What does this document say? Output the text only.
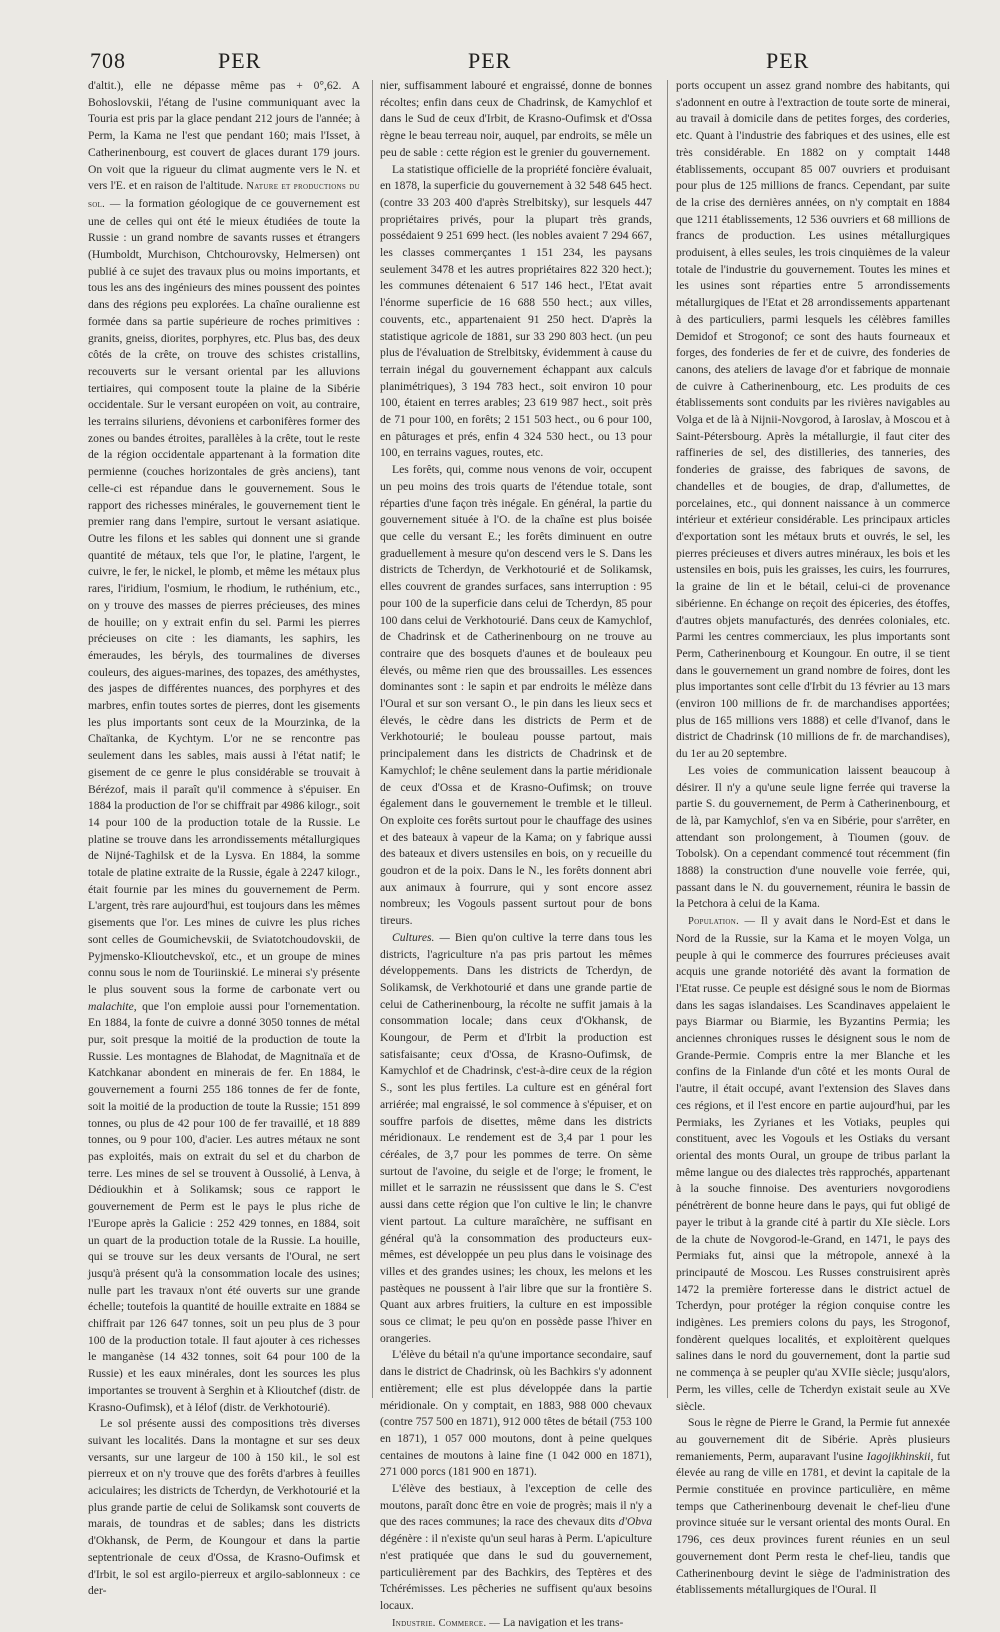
708	PER	PER	PER

d'altit.), elle ne dépasse même pas + 0°,62. A Bohoslovskii, l'étang de l'usine communiquant avec la Touria est pris par la glace pendant 212 jours de l'année; à Perm, la Kama ne l'est que pendant 160; mais l'Isset, à Catherinenbourg, est couvert de glaces durant 179 jours. On voit que la rigueur du climat augmente vers le N. et vers l'E. et en raison de l'altitude. Nature et productions du sol. — la formation géologique de ce gouvernement est une de celles qui ont été le mieux étudiées de toute la Russie : un grand nombre de savants russes et étrangers (Humboldt, Murchison, Chtchourovsky, Helmersen) ont publié à ce sujet des travaux plus ou moins importants, et tous les ans des ingénieurs des mines poussent des pointes dans des régions peu explorées. La chaîne ouralienne est formée dans sa partie supérieure de roches primitives : granits, gneiss, diorites, porphyres, etc. Plus bas, des deux côtés de la crête, on trouve des schistes cristallins, recouverts sur le versant oriental par les alluvions tertiaires, qui composent toute la plaine de la Sibérie occidentale. Sur le versant européen on voit, au contraire, les terrains siluriens, dévoniens et carbonifères former des zones ou bandes étroites, parallèles à la crête, tout le reste de la région occidentale appartenant à la formation dite permienne (couches horizontales de grès anciens), tant celle-ci est répandue dans le gouvernement. Sous le rapport des richesses minérales, le gouvernement tient le premier rang dans l'empire, surtout le versant asiatique. Outre les filons et les sables qui donnent une si grande quantité de métaux, tels que l'or, le platine, l'argent, le cuivre, le fer, le nickel, le plomb, et même les métaux plus rares, l'iridium, l'osmium, le rhodium, le ruthénium, etc., on y trouve des masses de pierres précieuses, des mines de houille; on y extrait enfin du sel. Parmi les pierres précieuses on cite : les diamants, les saphirs, les émeraudes, les béryls, des tourmalines de diverses couleurs, des aigues-marines, des topazes, des améthystes, des jaspes de différentes nuances, des porphyres et des marbres, enfin toutes sortes de pierres, dont les gisements les plus importants sont ceux de la Mourzinka, de la Chaïtanka, de Kychtym. L'or ne se rencontre pas seulement dans les sables, mais aussi à l'état natif; le gisement de ce genre le plus considérable se trouvait à Bérézof, mais il paraît qu'il commence à s'épuiser. En 1884 la production de l'or se chiffrait par 4986 kilogr., soit 14 pour 100 de la production totale de la Russie. Le platine se trouve dans les arrondissements métallurgiques de Nijné-Taghilsk et de la Lysva. En 1884, la somme totale de platine extraite de la Russie, égale à 2247 kilogr., était fournie par les mines du gouvernement de Perm. L'argent, très rare aujourd'hui, est toujours dans les mêmes gisements que l'or. Les mines de cuivre les plus riches sont celles de Goumichevskii, de Sviatotchoudovskii, de Pyjmensko-Klioutchevskoï, etc., et un groupe de mines connu sous le nom de Touriinskié. Le minerai s'y présente le plus souvent sous la forme de carbonate vert ou malachite, que l'on emploie aussi pour l'ornementation. En 1884, la fonte de cuivre a donné 3050 tonnes de métal pur, soit presque la moitié de la production de toute la Russie. Les montagnes de Blahodat, de Magnitnaïa et de Katchkanar abondent en minerais de fer. En 1884, le gouvernement a fourni 255 186 tonnes de fer de fonte, soit la moitié de la production de toute la Russie; 151 899 tonnes, ou plus de 42 pour 100 de fer travaillé, et 18 889 tonnes, ou 9 pour 100, d'acier. Les autres métaux ne sont pas exploités, mais on extrait du sel et du charbon de terre. Les mines de sel se trouvent à Oussolié, à Lenva, à Dédioukhin et à Solikamsk; sous ce rapport le gouvernement de Perm est le pays le plus riche de l'Europe après la Galicie : 252 429 tonnes, en 1884, soit un quart de la production totale de la Russie. La houille, qui se trouve sur les deux versants de l'Oural, ne sert jusqu'à présent qu'à la consommation locale des usines; nulle part les travaux n'ont été ouverts sur une grande échelle; toutefois la quantité de houille extraite en 1884 se chiffrait par 126 647 tonnes, soit un peu plus de 3 pour 100 de la production totale. Il faut ajouter à ces richesses le manganèse (14 432 tonnes, soit 64 pour 100 de la Russie) et les eaux minérales, dont les sources les plus importantes se trouvent à Serghin et à Klioutchef (distr. de Krasno-Oufimsk), et à Iélof (distr. de Verkhotourié).

Le sol présente aussi des compositions très diverses suivant les localités. Dans la montagne et sur ses deux versants, sur une largeur de 100 à 150 kil., le sol est pierreux et on n'y trouve que des forêts d'arbres à feuilles aciculaires; les districts de Tcherdyn, de Verkhotourié et la plus grande partie de celui de Solikamsk sont couverts de marais, de toundras et de sables; dans les districts d'Okhansk, de Perm, de Koungour et dans la partie septentrionale de ceux d'Ossa, de Krasno-Oufimsk et d'Irbit, le sol est argilo-pierreux et argilo-sablonneux : ce der-

nier, suffisamment labouré et engraissé, donne de bonnes récoltes; enfin dans ceux de Chadrinsk, de Kamychlof et dans le Sud de ceux d'Irbit, de Krasno-Oufimsk et d'Ossa règne le beau terreau noir, auquel, par endroits, se mêle un peu de sable : cette région est le grenier du gouvernement.

La statistique officielle de la propriété foncière évaluait, en 1878, la superficie du gouvernement à 32 548 645 hect. (contre 33 203 400 d'après Strelbitsky), sur lesquels 447 propriétaires privés, pour la plupart très grands, possédaient 9 251 699 hect. (les nobles avaient 7 294 667, les classes commerçantes 1 151 234, les paysans seulement 3478 et les autres propriétaires 822 320 hect.); les communes détenaient 6 517 146 hect., l'Etat avait l'énorme superficie de 16 688 550 hect.; aux villes, couvents, etc., appartenaient 91 250 hect. D'après la statistique agricole de 1881, sur 33 290 803 hect. (un peu plus de l'évaluation de Strelbitsky, évidemment à cause du terrain inégal du gouvernement échappant aux calculs planimétriques), 3 194 783 hect., soit environ 10 pour 100, étaient en terres arables; 23 619 987 hect., soit près de 71 pour 100, en forêts; 2 151 503 hect., ou 6 pour 100, en pâturages et prés, enfin 4 324 530 hect., ou 13 pour 100, en terrains vagues, routes, etc.

Les forêts, qui, comme nous venons de voir, occupent un peu moins des trois quarts de l'étendue totale, sont réparties d'une façon très inégale. En général, la partie du gouvernement située à l'O. de la chaîne est plus boisée que celle du versant E.; les forêts diminuent en outre graduellement à mesure qu'on descend vers le S. Dans les districts de Tcherdyn, de Verkhotourié et de Solikamsk, elles couvrent de grandes surfaces, sans interruption : 95 pour 100 de la superficie dans celui de Tcherdyn, 85 pour 100 dans celui de Verkhotourié. Dans ceux de Kamychlof, de Chadrinsk et de Catherinenbourg on ne trouve au contraire que des bosquets d'aunes et de bouleaux peu élevés, ou même rien que des broussailles. Les essences dominantes sont : le sapin et par endroits le mélèze dans l'Oural et sur son versant O., le pin dans les lieux secs et élevés, le cèdre dans les districts de Perm et de Verkhotourié; le bouleau pousse partout, mais principalement dans les districts de Chadrinsk et de Kamychlof; le chêne seulement dans la partie méridionale de ceux d'Ossa et de Krasno-Oufimsk; on trouve également dans le gouvernement le tremble et le tilleul. On exploite ces forêts surtout pour le chauffage des usines et des bateaux à vapeur de la Kama; on y fabrique aussi des bateaux et divers ustensiles en bois, on y recueille du goudron et de la poix. Dans le N., les forêts donnent abri aux animaux à fourrure, qui y sont encore assez nombreux; les Vogouls passent surtout pour de bons tireurs.

Cultures. — Bien qu'on cultive la terre dans tous les districts, l'agriculture n'a pas pris partout les mêmes développements. Dans les districts de Tcherdyn, de Solikamsk, de Verkhotourié et dans une grande partie de celui de Catherinenbourg, la récolte ne suffit jamais à la consommation locale; dans ceux d'Okhansk, de Koungour, de Perm et d'Irbit la production est satisfaisante; ceux d'Ossa, de Krasno-Oufimsk, de Kamychlof et de Chadrinsk, c'est-à-dire ceux de la région S., sont les plus fertiles. La culture est en général fort arriérée; mal engraissé, le sol commence à s'épuiser, et on souffre parfois de disettes, même dans les districts méridionaux. Le rendement est de 3,4 par 1 pour les céréales, de 3,7 pour les pommes de terre. On sème surtout de l'avoine, du seigle et de l'orge; le froment, le millet et le sarrazin ne réussissent que dans le S. C'est aussi dans cette région que l'on cultive le lin; le chanvre vient partout. La culture maraîchère, ne suffisant en général qu'à la consommation des producteurs eux-mêmes, est développée un peu plus dans le voisinage des villes et des grandes usines; les choux, les melons et les pastèques ne poussent à l'air libre que sur la frontière S. Quant aux arbres fruitiers, la culture en est impossible sous ce climat; le peu qu'on en possède passe l'hiver en orangeries.

L'élève du bétail n'a qu'une importance secondaire, sauf dans le district de Chadrinsk, où les Bachkirs s'y adonnent entièrement; elle est plus développée dans la partie méridionale. On y comptait, en 1883, 988 000 chevaux (contre 757 500 en 1871), 912 000 têtes de bétail (753 100 en 1871), 1 057 000 moutons, dont à peine quelques centaines de moutons à laine fine (1 042 000 en 1871), 271 000 porcs (181 900 en 1871).

L'élève des bestiaux, à l'exception de celle des moutons, paraît donc être en voie de progrès; mais il n'y a que des races communes; la race des chevaux dits d'Obva dégénère : il n'existe qu'un seul haras à Perm. L'apiculture n'est pratiquée que dans le sud du gouvernement, particulièrement par des Bachkirs, des Teptères et des Tchérémisses. Les pêcheries ne suffisent qu'aux besoins locaux.

Industrie. Commerce. — La navigation et les trans-

ports occupent un assez grand nombre des habitants, qui s'adonnent en outre à l'extraction de toute sorte de minerai, au travail à domicile dans de petites forges, des corderies, etc. Quant à l'industrie des fabriques et des usines, elle est très considérable. En 1882 on y comptait 1448 établissements, occupant 85 007 ouvriers et produisant pour plus de 125 millions de francs. Cependant, par suite de la crise des dernières années, on n'y comptait en 1884 que 1211 établissements, 12 536 ouvriers et 68 millions de francs de production. Les usines métallurgiques produisent, à elles seules, les trois cinquièmes de la valeur totale de l'industrie du gouvernement. Toutes les mines et les usines sont réparties entre 5 arrondissements métallurgiques de l'Etat et 28 arrondissements appartenant à des particuliers, parmi lesquels les célèbres familles Demidof et Strogonof; ce sont des hauts fourneaux et forges, des fonderies de fer et de cuivre, des fonderies de canons, des ateliers de lavage d'or et fabrique de monnaie de cuivre à Catherinenbourg, etc. Les produits de ces établissements sont conduits par les rivières navigables au Volga et de là à Nijnii-Novgorod, à Iaroslav, à Moscou et à Saint-Pétersbourg. Après la métallurgie, il faut citer des raffineries de sel, des distilleries, des tanneries, des fonderies de graisse, des fabriques de savons, de chandelles et de bougies, de drap, d'allumettes, de porcelaines, etc., qui donnent naissance à un commerce intérieur et extérieur considérable. Les principaux articles d'exportation sont les métaux bruts et ouvrés, le sel, les pierres précieuses et divers autres minéraux, les bois et les ustensiles en bois, puis les graisses, les cuirs, les fourrures, la graine de lin et le bétail, celui-ci de provenance sibérienne. En échange on reçoit des épiceries, des étoffes, d'autres objets manufacturés, des denrées coloniales, etc. Parmi les centres commerciaux, les plus importants sont Perm, Catherinenbourg et Koungour. En outre, il se tient dans le gouvernement un grand nombre de foires, dont les plus importantes sont celle d'Irbit du 13 février au 13 mars (environ 100 millions de fr. de marchandises apportées; plus de 165 millions vers 1888) et celle d'Ivanof, dans le district de Chadrinsk (10 millions de fr. de marchandises), du 1er au 20 septembre.

Les voies de communication laissent beaucoup à désirer. Il n'y a qu'une seule ligne ferrée qui traverse la partie S. du gouvernement, de Perm à Catherinenbourg, et de là, par Kamychlof, s'en va en Sibérie, pour s'arrêter, en attendant son prolongement, à Tioumen (gouv. de Tobolsk). On a cependant commencé tout récemment (fin 1888) la construction d'une nouvelle voie ferrée, qui, passant dans le N. du gouvernement, réunira le bassin de la Petchora à celui de la Kama.

Population. — Il y avait dans le Nord-Est et dans le Nord de la Russie, sur la Kama et le moyen Volga, un peuple à qui le commerce des fourrures précieuses avait acquis une grande notoriété dès avant la formation de l'Etat russe. Ce peuple est désigné sous le nom de Biormas dans les sagas islandaises. Les Scandinaves appelaient le pays Biarmar ou Biarmie, les Byzantins Permia; les anciennes chroniques russes le désignent sous le nom de Grande-Permie. Compris entre la mer Blanche et les confins de la Finlande d'un côté et les monts Oural de l'autre, il était occupé, avant l'extension des Slaves dans ces régions, et il l'est encore en partie aujourd'hui, par les Permiaks, les Zyrianes et les Votiaks, peuples qui constituent, avec les Vogouls et les Ostiaks du versant oriental des monts Oural, un groupe de tribus parlant la même langue ou des dialectes très rapprochés, appartenant à la souche finnoise. Des aventuriers novgorodiens pénétrèrent de bonne heure dans le pays, qui fut obligé de payer le tribut à la grande cité à partir du XIe siècle. Lors de la chute de Novgorod-le-Grand, en 1471, le pays des Permiaks fut, ainsi que la métropole, annexé à la principauté de Moscou. Les Russes construisirent après 1472 la première forteresse dans le district actuel de Tcherdyn, pour protéger la région conquise contre les indigènes. Les premiers colons du pays, les Strogonof, fondèrent quelques localités, et exploitèrent quelques salines dans le nord du gouvernement, dont la partie sud ne commença à se peupler qu'au XVIIe siècle; jusqu'alors, Perm, les villes, celle de Tcherdyn existait seule au XVe siècle.

Sous le règne de Pierre le Grand, la Permie fut annexée au gouvernement dit de Sibérie. Après plusieurs remaniements, Perm, auparavant l'usine Iagojikhinskii, fut élevée au rang de ville en 1781, et devint la capitale de la Permie constituée en province particulière, en même temps que Catherinenbourg devenait le chef-lieu d'une province située sur le versant oriental des monts Oural. En 1796, ces deux provinces furent réunies en un seul gouvernement dont Perm resta le chef-lieu, tandis que Catherinenbourg devint le siège de l'administration des établissements métallurgiques de l'Oural. Il
